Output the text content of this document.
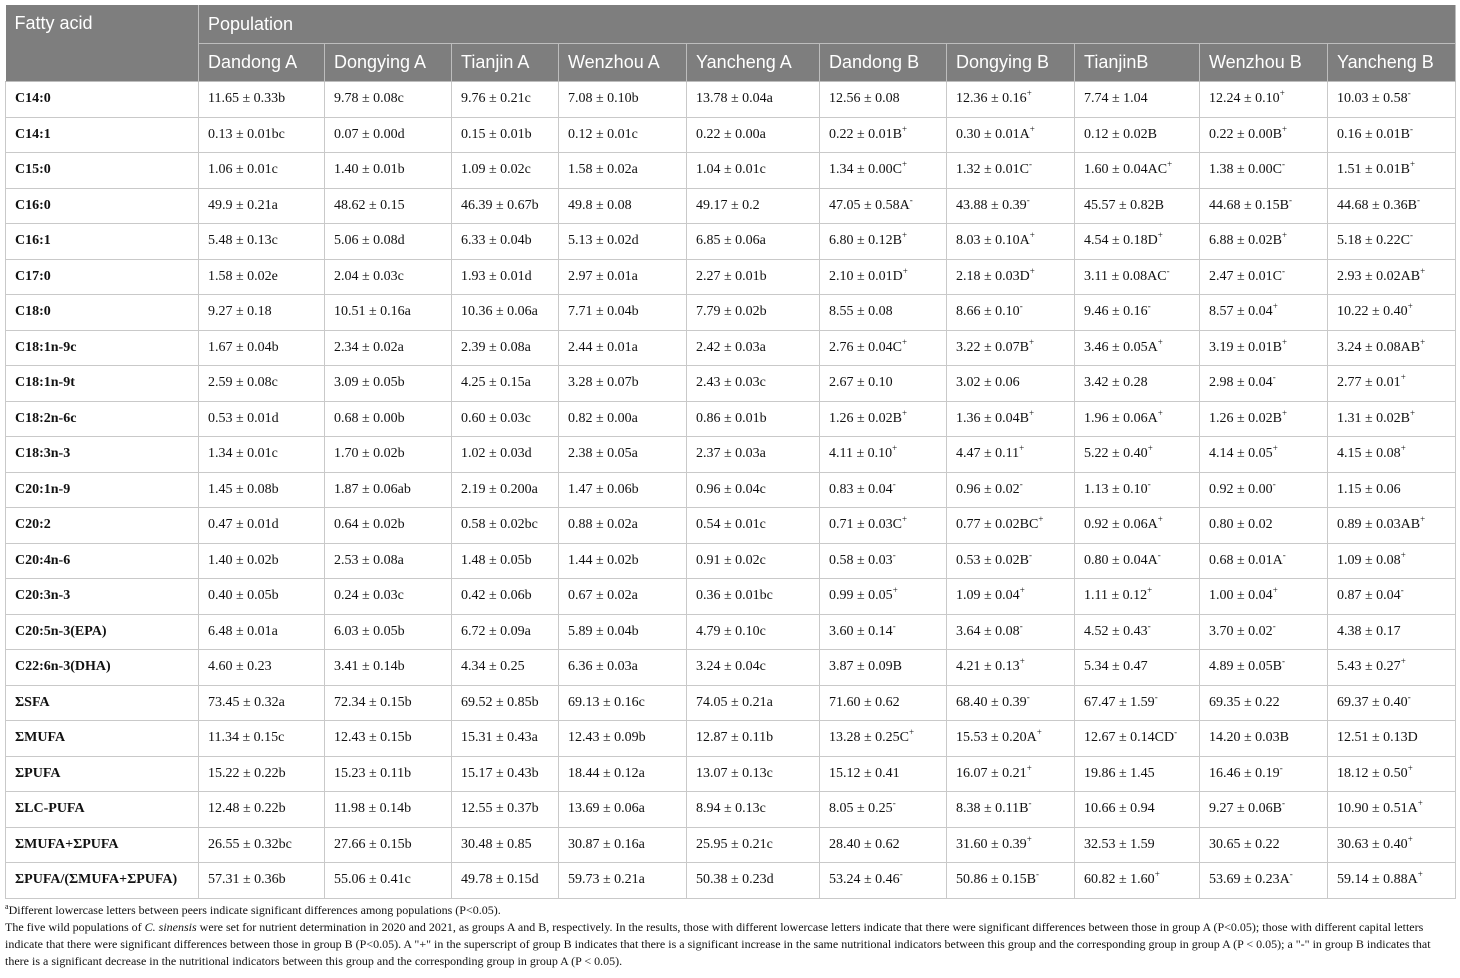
Fatty acid	Population									
	Dandong A	Dongying A	Tianjin A	Wenzhou A	Yancheng A	Dandong B	Dongying B	TianjinB	Wenzhou B	Yancheng B
C14:0	11.65 ± 0.33b	9.78 ± 0.08c	9.76 ± 0.21c	7.08 ± 0.10b	13.78 ± 0.04a	12.56 ± 0.08	12.36 ± 0.16+	7.74 ± 1.04	12.24 ± 0.10+	10.03 ± 0.58-
C14:1	0.13 ± 0.01bc	0.07 ± 0.00d	0.15 ± 0.01b	0.12 ± 0.01c	0.22 ± 0.00a	0.22 ± 0.01B+	0.30 ± 0.01A+	0.12 ± 0.02B	0.22 ± 0.00B+	0.16 ± 0.01B-
C15:0	1.06 ± 0.01c	1.40 ± 0.01b	1.09 ± 0.02c	1.58 ± 0.02a	1.04 ± 0.01c	1.34 ± 0.00C+	1.32 ± 0.01C-	1.60 ± 0.04AC+	1.38 ± 0.00C-	1.51 ± 0.01B+
C16:0	49.9 ± 0.21a	48.62 ± 0.15	46.39 ± 0.67b	49.8 ± 0.08	49.17 ± 0.2	47.05 ± 0.58A-	43.88 ± 0.39-	45.57 ± 0.82B	44.68 ± 0.15B-	44.68 ± 0.36B-
C16:1	5.48 ± 0.13c	5.06 ± 0.08d	6.33 ± 0.04b	5.13 ± 0.02d	6.85 ± 0.06a	6.80 ± 0.12B+	8.03 ± 0.10A+	4.54 ± 0.18D+	6.88 ± 0.02B+	5.18 ± 0.22C-
C17:0	1.58 ± 0.02e	2.04 ± 0.03c	1.93 ± 0.01d	2.97 ± 0.01a	2.27 ± 0.01b	2.10 ± 0.01D+	2.18 ± 0.03D+	3.11 ± 0.08AC-	2.47 ± 0.01C-	2.93 ± 0.02AB+
C18:0	9.27 ± 0.18	10.51 ± 0.16a	10.36 ± 0.06a	7.71 ± 0.04b	7.79 ± 0.02b	8.55 ± 0.08	8.66 ± 0.10-	9.46 ± 0.16-	8.57 ± 0.04+	10.22 ± 0.40+
C18:1n-9c	1.67 ± 0.04b	2.34 ± 0.02a	2.39 ± 0.08a	2.44 ± 0.01a	2.42 ± 0.03a	2.76 ± 0.04C+	3.22 ± 0.07B+	3.46 ± 0.05A+	3.19 ± 0.01B+	3.24 ± 0.08AB+
C18:1n-9t	2.59 ± 0.08c	3.09 ± 0.05b	4.25 ± 0.15a	3.28 ± 0.07b	2.43 ± 0.03c	2.67 ± 0.10	3.02 ± 0.06	3.42 ± 0.28	2.98 ± 0.04-	2.77 ± 0.01+
C18:2n-6c	0.53 ± 0.01d	0.68 ± 0.00b	0.60 ± 0.03c	0.82 ± 0.00a	0.86 ± 0.01b	1.26 ± 0.02B+	1.36 ± 0.04B+	1.96 ± 0.06A+	1.26 ± 0.02B+	1.31 ± 0.02B+
C18:3n-3	1.34 ± 0.01c	1.70 ± 0.02b	1.02 ± 0.03d	2.38 ± 0.05a	2.37 ± 0.03a	4.11 ± 0.10+	4.47 ± 0.11+	5.22 ± 0.40+	4.14 ± 0.05+	4.15 ± 0.08+
C20:1n-9	1.45 ± 0.08b	1.87 ± 0.06ab	2.19 ± 0.200a	1.47 ± 0.06b	0.96 ± 0.04c	0.83 ± 0.04-	0.96 ± 0.02-	1.13 ± 0.10-	0.92 ± 0.00-	1.15 ± 0.06
C20:2	0.47 ± 0.01d	0.64 ± 0.02b	0.58 ± 0.02bc	0.88 ± 0.02a	0.54 ± 0.01c	0.71 ± 0.03C+	0.77 ± 0.02BC+	0.92 ± 0.06A+	0.80 ± 0.02	0.89 ± 0.03AB+
C20:4n-6	1.40 ± 0.02b	2.53 ± 0.08a	1.48 ± 0.05b	1.44 ± 0.02b	0.91 ± 0.02c	0.58 ± 0.03-	0.53 ± 0.02B-	0.80 ± 0.04A-	0.68 ± 0.01A-	1.09 ± 0.08+
C20:3n-3	0.40 ± 0.05b	0.24 ± 0.03c	0.42 ± 0.06b	0.67 ± 0.02a	0.36 ± 0.01bc	0.99 ± 0.05+	1.09 ± 0.04+	1.11 ± 0.12+	1.00 ± 0.04+	0.87 ± 0.04-
C20:5n-3(EPA)	6.48 ± 0.01a	6.03 ± 0.05b	6.72 ± 0.09a	5.89 ± 0.04b	4.79 ± 0.10c	3.60 ± 0.14-	3.64 ± 0.08-	4.52 ± 0.43-	3.70 ± 0.02-	4.38 ± 0.17
C22:6n-3(DHA)	4.60 ± 0.23	3.41 ± 0.14b	4.34 ± 0.25	6.36 ± 0.03a	3.24 ± 0.04c	3.87 ± 0.09B	4.21 ± 0.13+	5.34 ± 0.47	4.89 ± 0.05B-	5.43 ± 0.27+
ΣSFA	73.45 ± 0.32a	72.34 ± 0.15b	69.52 ± 0.85b	69.13 ± 0.16c	74.05 ± 0.21a	71.60 ± 0.62	68.40 ± 0.39-	67.47 ± 1.59-	69.35 ± 0.22	69.37 ± 0.40-
ΣMUFA	11.34 ± 0.15c	12.43 ± 0.15b	15.31 ± 0.43a	12.43 ± 0.09b	12.87 ± 0.11b	13.28 ± 0.25C+	15.53 ± 0.20A+	12.67 ± 0.14CD-	14.20 ± 0.03B	12.51 ± 0.13D
ΣPUFA	15.22 ± 0.22b	15.23 ± 0.11b	15.17 ± 0.43b	18.44 ± 0.12a	13.07 ± 0.13c	15.12 ± 0.41	16.07 ± 0.21+	19.86 ± 1.45	16.46 ± 0.19-	18.12 ± 0.50+
ΣLC-PUFA	12.48 ± 0.22b	11.98 ± 0.14b	12.55 ± 0.37b	13.69 ± 0.06a	8.94 ± 0.13c	8.05 ± 0.25-	8.38 ± 0.11B-	10.66 ± 0.94	9.27 ± 0.06B-	10.90 ± 0.51A+
ΣMUFA+ΣPUFA	26.55 ± 0.32bc	27.66 ± 0.15b	30.48 ± 0.85	30.87 ± 0.16a	25.95 ± 0.21c	28.40 ± 0.62	31.60 ± 0.39+	32.53 ± 1.59	30.65 ± 0.22	30.63 ± 0.40+
ΣPUFA/(ΣMUFA+ΣPUFA)	57.31 ± 0.36b	55.06 ± 0.41c	49.78 ± 0.15d	59.73 ± 0.21a	50.38 ± 0.23d	53.24 ± 0.46-	50.86 ± 0.15B-	60.82 ± 1.60+	53.69 ± 0.23A-	59.14 ± 0.88A+

$^a$Different lowercase letters between peers indicate significant differences among populations (P<0.05).

The five wild populations of C. sinensis were set for nutrient determination in 2020 and 2021, as groups A and B, respectively. In the results, those with different lowercase letters indicate that there were significant differences between those in group A (P<0.05); those with different capital letters indicate that there were significant differences between those in group B (P<0.05). A "+" in the superscript of group B indicates that there is a significant increase in the same nutritional indicators between this group and the corresponding group in group A (P < 0.05); a "-" in group B indicates that there is a significant decrease in the nutritional indicators between this group and the corresponding group in group A (P < 0.05).
